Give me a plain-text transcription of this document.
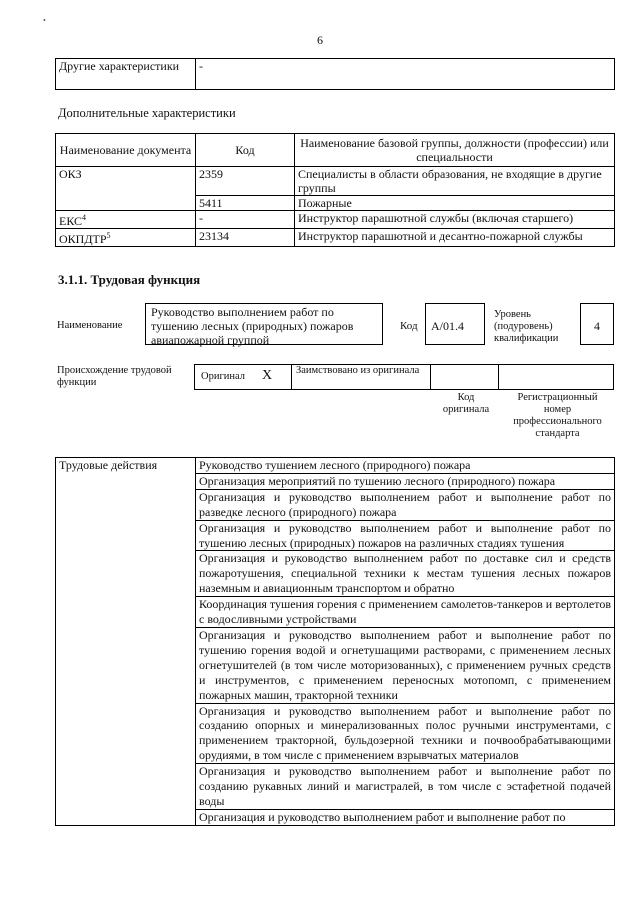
•
6
Другие характеристики	-
Дополнительные характеристики
Наименование документа	Код	Наименование базовой группы, должности (профессии) или специальности
ОКЗ	2359	Специалисты в области образования, не входящие в другие группы
	5411	Пожарные
ЕКС$^4$	-	Инструктор парашютной службы (включая старшего)
ОКПДТР$^5$	23134	Инструктор парашютной и десантно-пожарной службы
3.1.1. Трудовая функция
Наименование
Руководство выполнением работ по тушению лесных (природных) пожаров авиапожарной группой
Код	A/01.4
Уровень (подуровень) квалификации
4
Происхождение трудовой функции
Оригинал X Заимствовано из оригинала
Код оригинала
Регистрационный номер профессионального стандарта
Трудовые действия	Руководство тушением лесного (природного) пожара
Организация мероприятий по тушению лесного (природного) пожара
Организация и руководство выполнением работ и выполнение работ по разведке лесного (природного) пожара
Организация и руководство выполнением работ и выполнение работ по тушению лесных (природных) пожаров на различных стадиях тушения
Организация и руководство выполнением работ по доставке сил и средств пожаротушения, специальной техники к местам тушения лесных пожаров наземным и авиационным транспортом и обратно
Координация тушения горения с применением самолетов-танкеров и вертолетов с водосливными устройствами
Организация и руководство выполнением работ и выполнение работ по тушению горения водой и огнетушащими растворами, с применением лесных огнетушителей (в том числе моторизованных), с применением ручных средств и инструментов, с применением переносных мотопомп, с применением пожарных машин, тракторной техники
Организация и руководство выполнением работ и выполнение работ по созданию опорных и минерализованных полос ручными инструментами, с применением тракторной, бульдозерной техники и почвообрабатывающими орудиями, в том числе с применением взрывчатых материалов
Организация и руководство выполнением работ и выполнение работ по созданию рукавных линий и магистралей, в том числе с эстафетной подачей воды
Организация и руководство выполнением работ и выполнение работ по
